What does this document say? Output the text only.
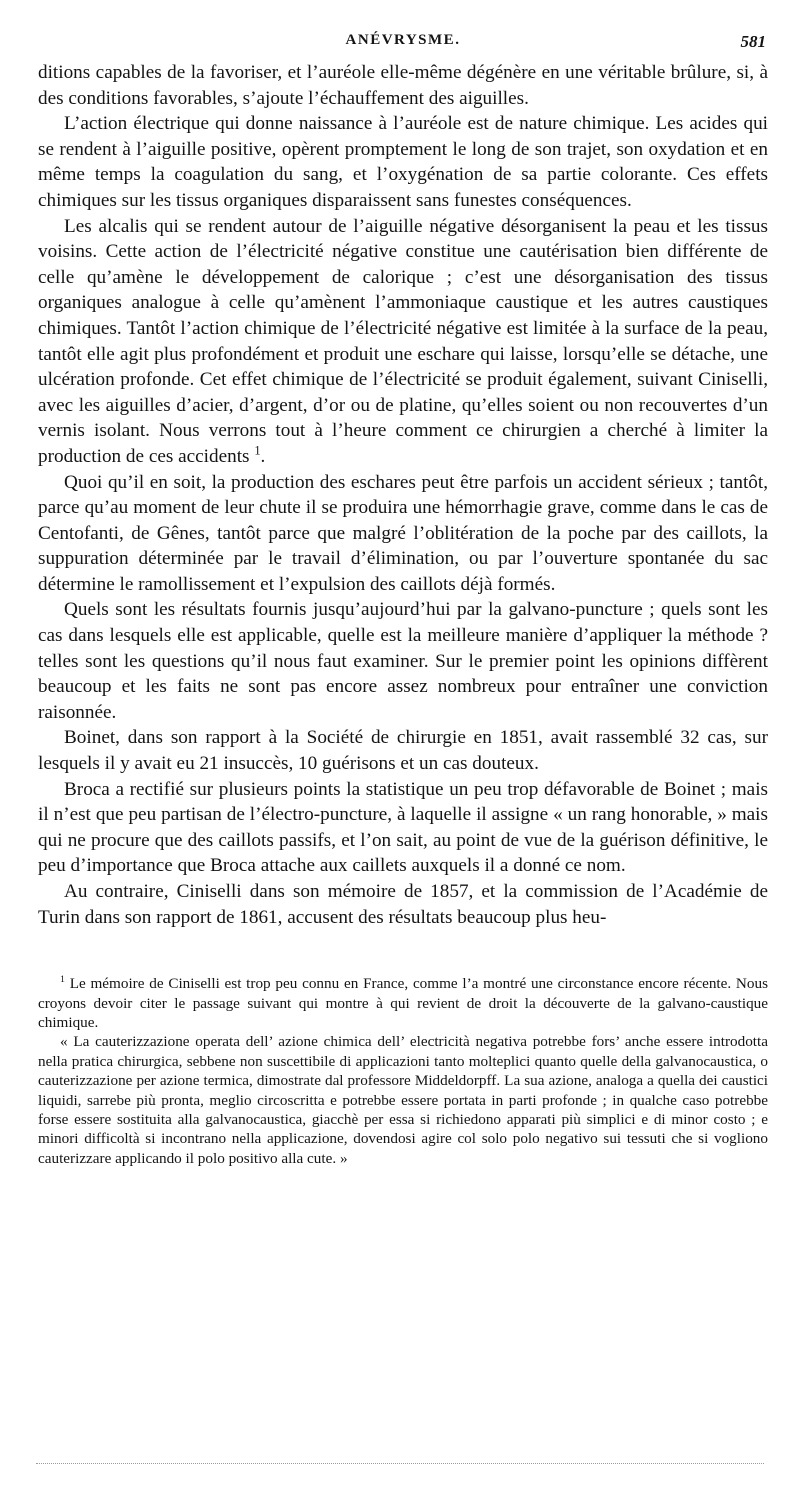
ANÉVRYSME.	581

ditions capables de la favoriser, et l’auréole elle-même dégénère en une véritable brûlure, si, à des conditions favorables, s’ajoute l’échauffement des aiguilles.

L’action électrique qui donne naissance à l’auréole est de nature chimique. Les acides qui se rendent à l’aiguille positive, opèrent promptement le long de son trajet, son oxydation et en même temps la coagulation du sang, et l’oxygénation de sa partie colorante. Ces effets chimiques sur les tissus organiques disparaissent sans funestes conséquences.

Les alcalis qui se rendent autour de l’aiguille négative désorganisent la peau et les tissus voisins. Cette action de l’électricité négative constitue une cautérisation bien différente de celle qu’amène le développement de calorique ; c’est une désorganisation des tissus organiques analogue à celle qu’amènent l’ammoniaque caustique et les autres caustiques chimiques. Tantôt l’action chimique de l’électricité négative est limitée à la surface de la peau, tantôt elle agit plus profondément et produit une eschare qui laisse, lorsqu’elle se détache, une ulcération profonde. Cet effet chimique de l’électricité se produit également, suivant Ciniselli, avec les aiguilles d’acier, d’argent, d’or ou de platine, qu’elles soient ou non recouvertes d’un vernis isolant. Nous verrons tout à l’heure comment ce chirurgien a cherché à limiter la production de ces accidents $^1$.

Quoi qu’il en soit, la production des eschares peut être parfois un accident sérieux ; tantôt, parce qu’au moment de leur chute il se produira une hémorrhagie grave, comme dans le cas de Centofanti, de Gênes, tantôt parce que malgré l’oblitération de la poche par des caillots, la suppuration déterminée par le travail d’élimination, ou par l’ouverture spontanée du sac détermine le ramollissement et l’expulsion des caillots déjà formés.

Quels sont les résultats fournis jusqu’aujourd’hui par la galvano-puncture ; quels sont les cas dans lesquels elle est applicable, quelle est la meilleure manière d’appliquer la méthode ? telles sont les questions qu’il nous faut examiner. Sur le premier point les opinions diffèrent beaucoup et les faits ne sont pas encore assez nombreux pour entraîner une conviction raisonnée.

Boinet, dans son rapport à la Société de chirurgie en 1851, avait rassemblé 32 cas, sur lesquels il y avait eu 21 insuccès, 10 guérisons et un cas douteux.

Broca a rectifié sur plusieurs points la statistique un peu trop défavorable de Boinet ; mais il n’est que peu partisan de l’électro-puncture, à laquelle il assigne « un rang honorable, » mais qui ne procure que des caillots passifs, et l’on sait, au point de vue de la guérison définitive, le peu d’importance que Broca attache aux caillets auxquels il a donné ce nom.

Au contraire, Ciniselli dans son mémoire de 1857, et la commission de l’Académie de Turin dans son rapport de 1861, accusent des résultats beaucoup plus heu-

$^1$ Le mémoire de Ciniselli est trop peu connu en France, comme l’a montré une circonstance encore récente. Nous croyons devoir citer le passage suivant qui montre à qui revient de droit la découverte de la galvano-caustique chimique.

« La cauterizzazione operata dell’ azione chimica dell’ electricità negativa potrebbe fors’ anche essere introdotta nella pratica chirurgica, sebbene non suscettibile di applicazioni tanto molteplici quanto quelle della galvanocaustica, o cauterizzazione per azione termica, dimostrate dal professore Middeldorpff. La sua azione, analoga a quella dei caustici liquidi, sarrebe più pronta, meglio circoscritta e potrebbe essere portata in parti profonde ; in qualche caso potrebbe forse essere sostituita alla galvanocaustica, giacchè per essa si richiedono apparati più simplici e di minor costo ; e minori difficoltà si incontrano nella applicazione, dovendosi agire col solo polo negativo sui tessuti che si vogliono cauterizzare applicando il polo positivo alla cute. »
